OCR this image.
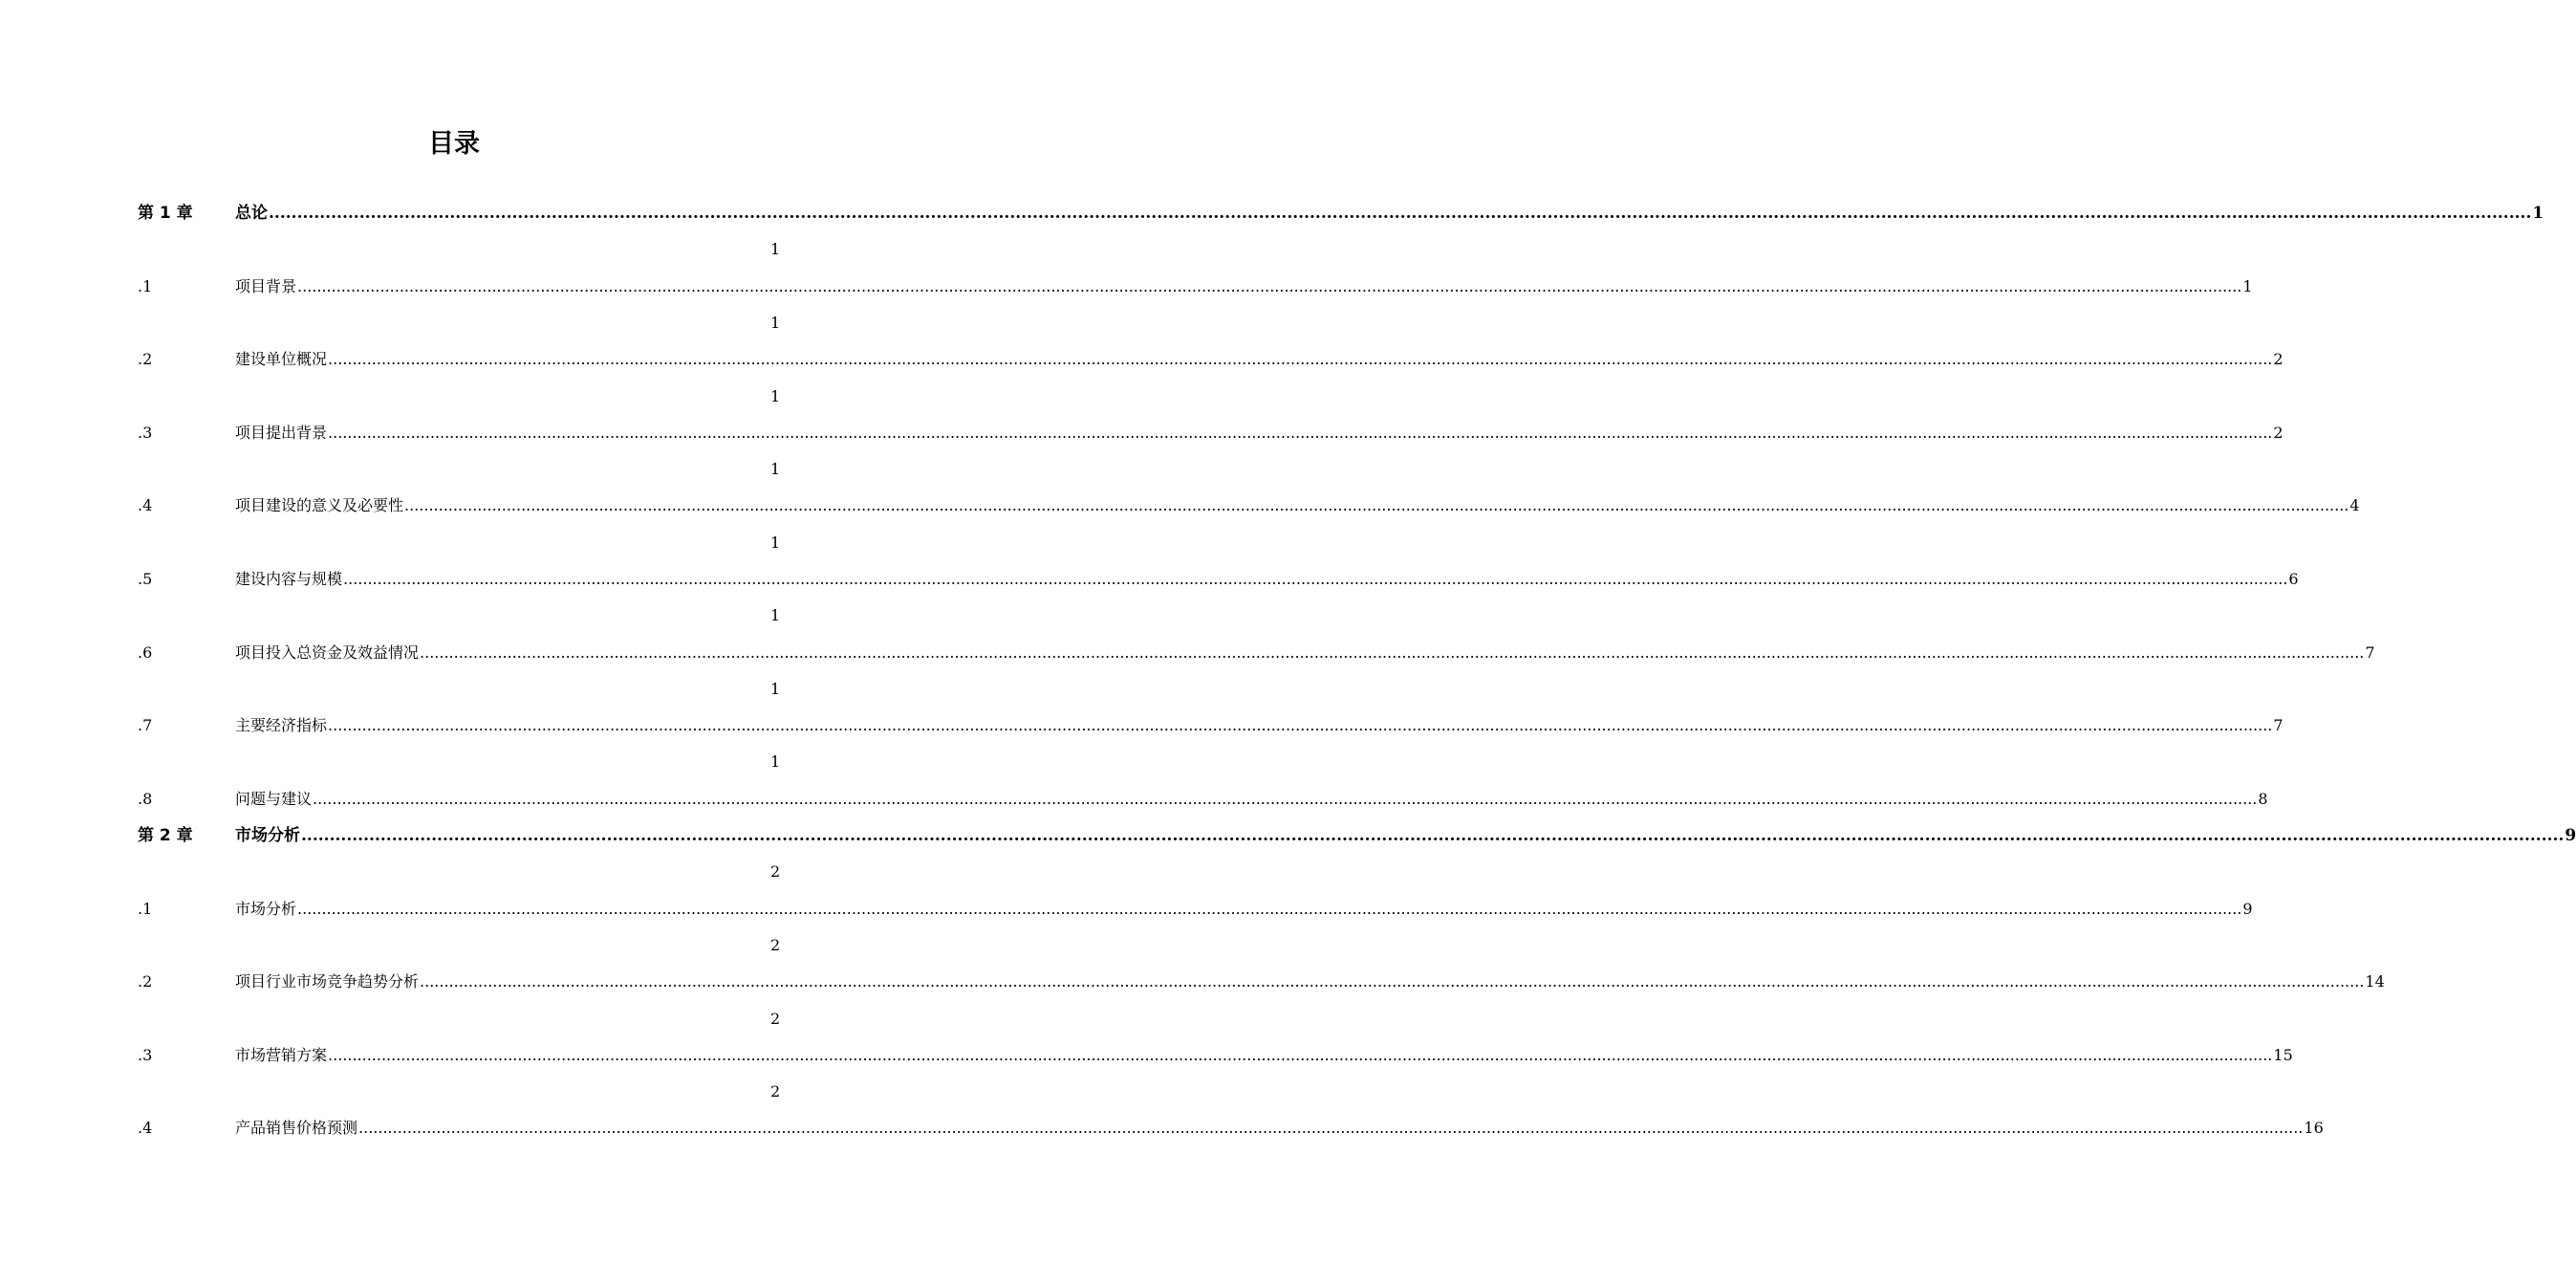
目录
第 1 章	总论 ................................................................................................................................................................................................................................................................................................................................................................................................................ 1
1
.1	项目背景 ................................................................................................................................................................................................................................................................................................................................................................................................................ 1
1
.2	建设单位概况 ................................................................................................................................................................................................................................................................................................................................................................................................................ 2
1
.3	项目提出背景 ................................................................................................................................................................................................................................................................................................................................................................................................................ 2
1
.4	项目建设的意义及必要性 ................................................................................................................................................................................................................................................................................................................................................................................................................ 4
1
.5	建设内容与规模 ................................................................................................................................................................................................................................................................................................................................................................................................................ 6
1
.6	项目投入总资金及效益情况 ................................................................................................................................................................................................................................................................................................................................................................................................................ 7
1
.7	主要经济指标 ................................................................................................................................................................................................................................................................................................................................................................................................................ 7
1
.8	问题与建议 ................................................................................................................................................................................................................................................................................................................................................................................................................ 8
第 2 章	市场分析 ................................................................................................................................................................................................................................................................................................................................................................................................................ 9
2
.1	市场分析 ................................................................................................................................................................................................................................................................................................................................................................................................................ 9
2
.2	项目行业市场竞争趋势分析 ................................................................................................................................................................................................................................................................................................................................................................................................................ 14
2
.3	市场营销方案 ................................................................................................................................................................................................................................................................................................................................................................................................................ 15
2
.4	产品销售价格预测 ................................................................................................................................................................................................................................................................................................................................................................................................................ 16
